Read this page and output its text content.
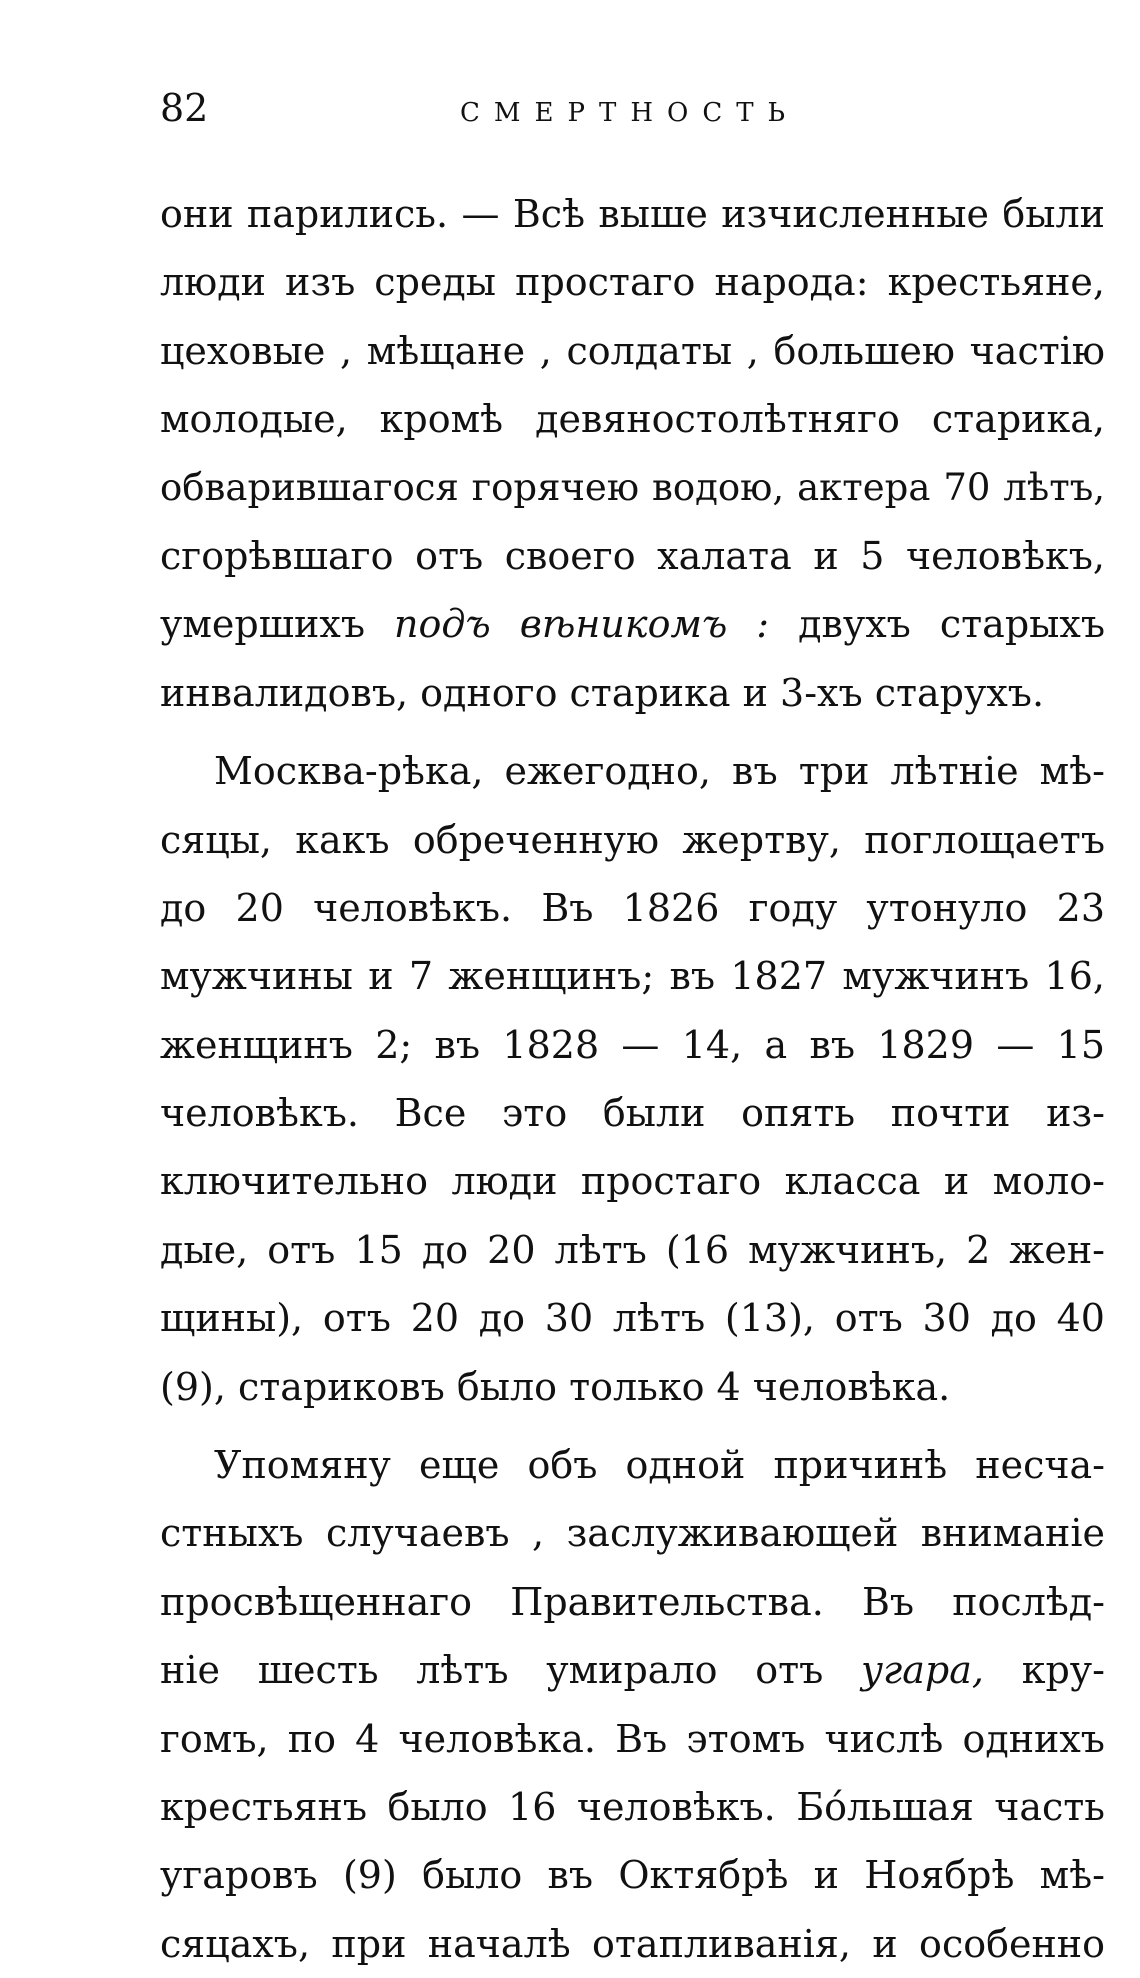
82	СМЕРТНОСТЬ
они парились. — Всѣ выше изчисленные были
люди изъ среды простаго народа: крестьяне,
цеховые , мѣщане , солдаты , большею частію
молодые, кромѣ девяностолѣтняго старика,
обварившагося горячею водою, актера 70 лѣтъ,
сгорѣвшаго отъ своего халата и 5 человѣкъ,
умершихъ подъ вѣникомъ : двухъ старыхъ
инвалидовъ, одного старика и 3-хъ старухъ.
Москва-рѣка, ежегодно, въ три лѣтніе мѣ-
сяцы, какъ обреченную жертву, поглощаетъ
до 20 человѣкъ. Въ 1826 году утонуло 23
мужчины и 7 женщинъ; въ 1827 мужчинъ 16,
женщинъ 2; въ 1828 — 14, а въ 1829 — 15
человѣкъ. Все это были опять почти из-
ключительно люди простаго класса и моло-
дые, отъ 15 до 20 лѣтъ (16 мужчинъ, 2 жен-
щины), отъ 20 до 30 лѣтъ (13), отъ 30 до 40
(9), стариковъ было только 4 человѣка.
Упомяну еще объ одной причинѣ несча-
стныхъ случаевъ , заслуживающей вниманіе
просвѣщеннаго Правительства. Въ послѣд-
ніе шесть лѣтъ умирало отъ угара, кру-
гомъ, по 4 человѣка. Въ этомъ числѣ однихъ
крестьянъ было 16 человѣкъ. Бо́льшая часть
угаровъ (9) было въ Октябрѣ и Ноябрѣ мѣ-
сяцахъ, при началѣ отапливанія, и особенно
